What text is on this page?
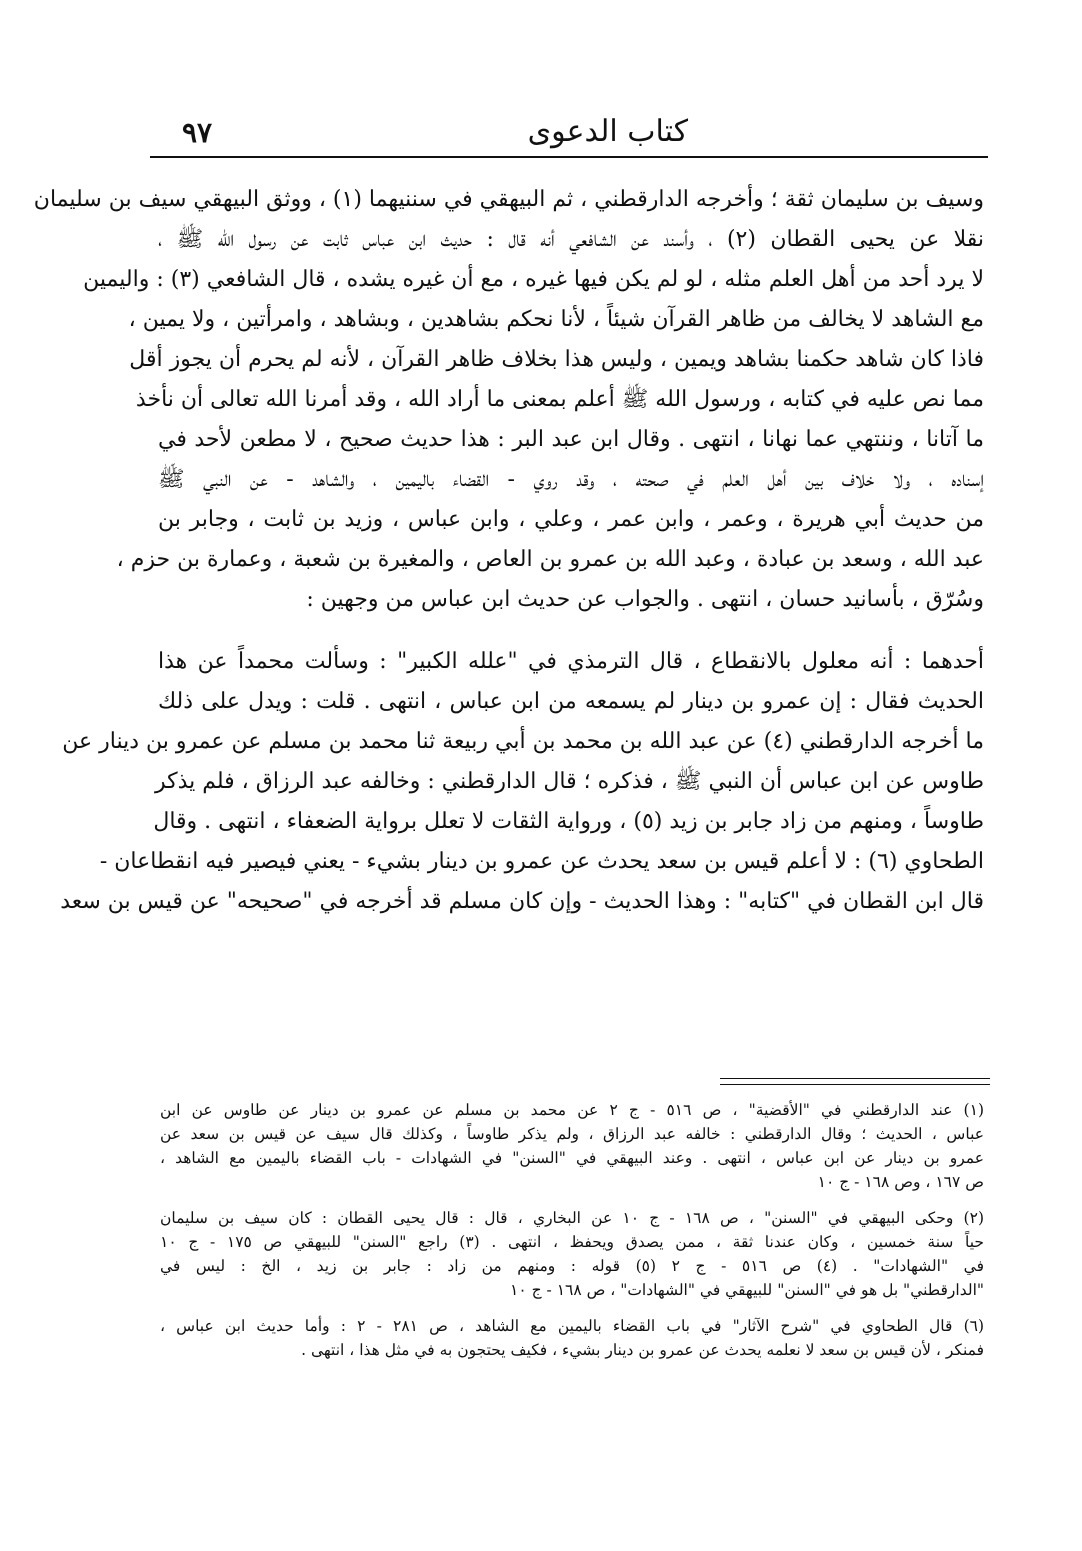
كتاب الدعوى
٩٧
وسيف بن سليمان ثقة ؛ وأخرجه الدارقطني ، ثم البيهقي في سننيهما (١) ، ووثق البيهقي سيف بن سليمان
نقلا عن يحيى القطان (٢) ، وأسند عن الشافعي أنه قال : حديث ابن عباس ثابت عن رسول الله ﷺ ،
لا يرد أحد من أهل العلم مثله ، لو لم يكن فيها غيره ، مع أن غيره يشده ، قال الشافعي (٣) : واليمين
مع الشاهد لا يخالف من ظاهر القرآن شيئاً ، لأنا نحكم بشاهدين ، وبشاهد ، وامرأتين ، ولا يمين ،
فاذا كان شاهد حكمنا بشاهد ويمين ، وليس هذا بخلاف ظاهر القرآن ، لأنه لم يحرم أن يجوز أقل
مما نص عليه في كتابه ، ورسول الله ﷺ أعلم بمعنى ما أراد الله ، وقد أمرنا الله تعالى أن نأخذ
ما آتانا ، وننتهي عما نهانا ، انتهى . وقال ابن عبد البر : هذا حديث صحيح ، لا مطعن لأحد في
إسناده ، ولا خلاف بين أهل العلم في صحته ، وقد روي - القضاء باليمين ، والشاهد - عن النبي ﷺ
من حديث أبي هريرة ، وعمر ، وابن عمر ، وعلي ، وابن عباس ، وزيد بن ثابت ، وجابر بن
عبد الله ، وسعد بن عبادة ، وعبد الله بن عمرو بن العاص ، والمغيرة بن شعبة ، وعمارة بن حزم ،
وسُرّق ، بأسانيد حسان ، انتهى . والجواب عن حديث ابن عباس من وجهين :
أحدهما : أنه معلول بالانقطاع ، قال الترمذي في "علله الكبير" : وسألت محمداً عن هذا
الحديث فقال : إن عمرو بن دينار لم يسمعه من ابن عباس ، انتهى . قلت : ويدل على ذلك
ما أخرجه الدارقطني (٤) عن عبد الله بن محمد بن أبي ربيعة ثنا محمد بن مسلم عن عمرو بن دينار عن
طاوس عن ابن عباس أن النبي ﷺ ، فذكره ؛ قال الدارقطني : وخالفه عبد الرزاق ، فلم يذكر
طاوساً ، ومنهم من زاد جابر بن زيد (٥) ، ورواية الثقات لا تعلل برواية الضعفاء ، انتهى . وقال
الطحاوي (٦) : لا أعلم قيس بن سعد يحدث عن عمرو بن دينار بشيء - يعني فيصير فيه انقطاعان -
قال ابن القطان في "كتابه" : وهذا الحديث - وإن كان مسلم قد أخرجه في "صحيحه" عن قيس بن سعد
(١) عند الدارقطني في "الأقضية" ، ص ٥١٦ - ج ٢ عن محمد بن مسلم عن عمرو بن دينار عن طاوس عن ابن
عباس ، الحديث ؛ وقال الدارقطني : خالفه عبد الرزاق ، ولم يذكر طاوساً ، وكذلك قال سيف عن قيس بن سعد عن
عمرو بن دينار عن ابن عباس ، انتهى . وعند البيهقي في "السنن" في الشهادات - باب القضاء باليمين مع الشاهد ،
ص ١٦٧ ، وص ١٦٨ - ج ١٠
(٢) وحكى البيهقي في "السنن" ، ص ١٦٨ - ج ١٠ عن البخاري ، قال : قال يحيى القطان : كان سيف بن سليمان
حياً سنة خمسين ، وكان عندنا ثقة ، ممن يصدق ويحفظ ، انتهى . (٣) راجع "السنن" للبيهقي ص ١٧٥ - ج ١٠
في "الشهادات" . (٤) ص ٥١٦ - ج ٢ (٥) قوله : ومنهم من زاد : جابر بن زيد ، الخ : ليس في
"الدارقطني" بل هو في "السنن" للبيهقي في "الشهادات" ، ص ١٦٨ - ج ١٠
(٦) قال الطحاوي في "شرح الآثار" في باب القضاء باليمين مع الشاهد ، ص ٢٨١ - ٢ : وأما حديث ابن عباس ،
فمنكر ، لأن قيس بن سعد لا نعلمه يحدث عن عمرو بن دينار بشيء ، فكيف يحتجون به في مثل هذا ، انتهى .
